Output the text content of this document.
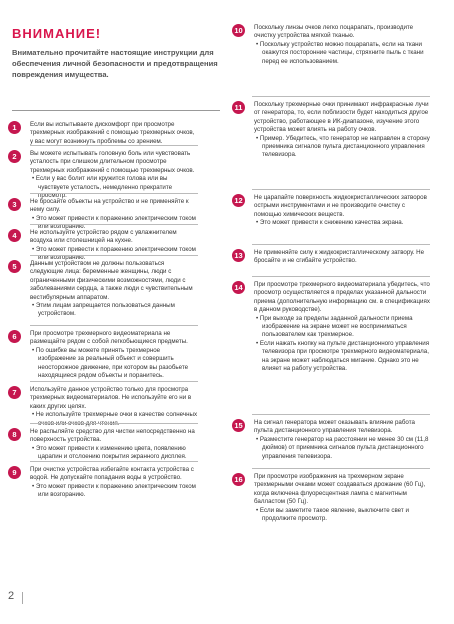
ВНИМАНИЕ!
Внимательно прочитайте настоящие инструкции для обеспечения личной безопасности и предотвращения повреждения имущества.
1	Если вы испытываете дискомфорт при просмотре трехмерных изображений с помощью трехмерных очков, у вас могут возникнуть проблемы со зрением.
2	Вы можете испытывать головную боль или чувствовать усталость при слишком длительном просмотре трехмерных изображений с помощью трехмерных очков.
• Если у вас болит или кружится голова или вы чувствуете усталость, немедленно прекратите просмотр.
3	Не бросайте объекты на устройство и не применяйте к нему силу.
• Это может привести к поражению электрическим током или возгоранию.
4	Не используйте устройство рядом с увлажнителем воздуха или столешницей на кухне.
• Это может привести к поражению электрическим током или возгоранию.
5	Данным устройством не должны пользоваться следующие лица: беременные женщины, люди с ограниченными физическими возможностями, люди с заболеваниями сердца, а также люди с чувствительным вестибулярным аппаратом.
• Этим лицам запрещается пользоваться данным устройством.
6	При просмотре трехмерного видеоматериала не размещайте рядом с собой легкобьющиеся предметы.
• По ошибке вы можете принять трехмерное изображение за реальный объект и совершить неосторожное движение, при котором вы разобьете находящиеся рядом объекты и поранитесь.
7	Используйте данное устройство только для просмотра трехмерных видеоматериалов. Не используйте его ни в каких других целях.
• Не используйте трехмерные очки в качестве солнечных очков или очков для чтения.
8	Не распыляйте средство для чистки непосредственно на поверхность устройства.
• Это может привести к изменению цвета, появлению царапин и отслоению покрытия экранного дисплея.
9	При очистке устройства избегайте контакта устройства с водой. Не допускайте попадания воды в устройство.
• Это может привести к поражению электрическим током или возгоранию.
10	Поскольку линзы очков легко поцарапать, производите очистку устройства мягкой тканью.
• Поскольку устройство можно поцарапать, если на ткани окажутся посторонние частицы, стряхните пыль с ткани перед ее использованием.
11	Поскольку трехмерные очки принимают инфракрасные лучи от генератора, то, если поблизости будет находиться другое устройство, работающее в ИК-диапазоне, изучение этого устройства может влиять на работу очков.
• Пример. Убедитесь, что генератор не направлен в сторону приемника сигналов пульта дистанционного управления телевизора.
12	Не царапайте поверхность жидкокристаллических затворов острыми инструментами и не производите очистку с помощью химических веществ.
• Это может привести к снижению качества экрана.
13	Не применяйте силу к жидкокристаллическому затвору. Не бросайте и не сгибайте устройство.
14	При просмотре трехмерного видеоматериала убедитесь, что просмотр осуществляется в пределах указанной дальности приема (дополнительную информацию см. в спецификациях в данном руководстве).
• При выходе за пределы заданной дальности приема изображение на экране может не восприниматься пользователем как трехмерное.
• Если нажать кнопку на пульте дистанционного управления телевизора при просмотре трехмерного видеоматериала, на экране может наблюдаться мигание. Однако это не влияет на работу устройства.
15	На сигнал генератора может оказывать влияние работа пульта дистанционного управления телевизора.
• Разместите генератор на расстоянии не менее 30 см (11,8 дюймов) от приемника сигналов пульта дистанционного управления телевизора.
16	При просмотре изображения на трехмерном экране трехмерными очками может создаваться дрожание (60 Гц), когда включена флуоресцентная лампа с магнитным балластом (50 Гц).
• Если вы заметите такое явление, выключите свет и продолжите просмотр.
2
